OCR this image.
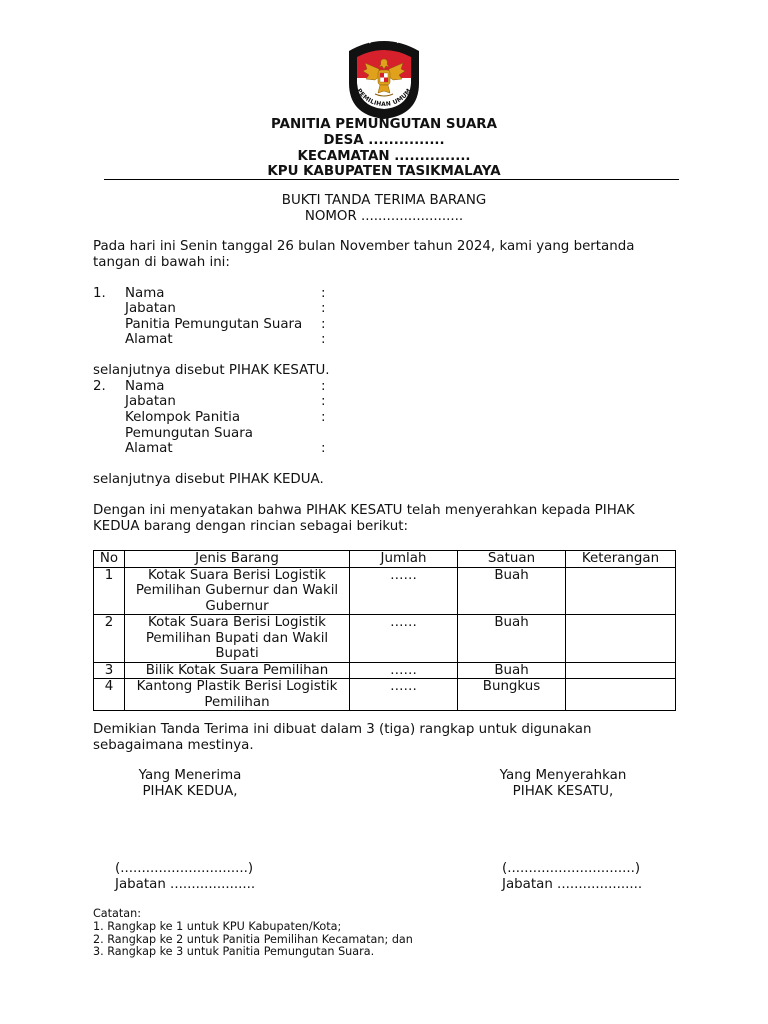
KOMISI
PEMILIHAN UMUM
PANITIA PEMUNGUTAN SUARA
DESA ...............
KECAMATAN ...............
KPU KABUPATEN TASIKMALAYA
BUKTI TANDA TERIMA BARANG
NOMOR ........................
Pada hari ini Senin tanggal 26 bulan November tahun 2024, kami yang bertanda
tangan di bawah ini:
1.	Nama	:
Jabatan	:
Panitia Pemungutan Suara	:
Alamat	:
selanjutnya disebut PIHAK KESATU.
2.	Nama	:
Jabatan	:
Kelompok Panitia	:
Pemungutan Suara
Alamat	:
selanjutnya disebut PIHAK KEDUA.
Dengan ini menyatakan bahwa PIHAK KESATU telah menyerahkan kepada PIHAK
KEDUA barang dengan rincian sebagai berikut:
No	Jenis Barang	Jumlah	Satuan	Keterangan
1	Kotak Suara Berisi Logistik
Pemilihan Gubernur dan Wakil
Gubernur	……	Buah	
2	Kotak Suara Berisi Logistik
Pemilihan Bupati dan Wakil
Bupati	……	Buah	
3	Bilik Kotak Suara Pemilihan	……	Buah	
4	Kantong Plastik Berisi Logistik
Pemilihan	……	Bungkus	
Demikian Tanda Terima ini dibuat dalam 3 (tiga) rangkap untuk digunakan
sebagaimana mestinya.
Yang Menerima
PIHAK KEDUA,
Yang Menyerahkan
PIHAK KESATU,
(..............................)
Jabatan ....................
(..............................)
Jabatan ....................
Catatan:
1. Rangkap ke 1 untuk KPU Kabupaten/Kota;
2. Rangkap ke 2 untuk Panitia Pemilihan Kecamatan; dan
3. Rangkap ke 3 untuk Panitia Pemungutan Suara.
